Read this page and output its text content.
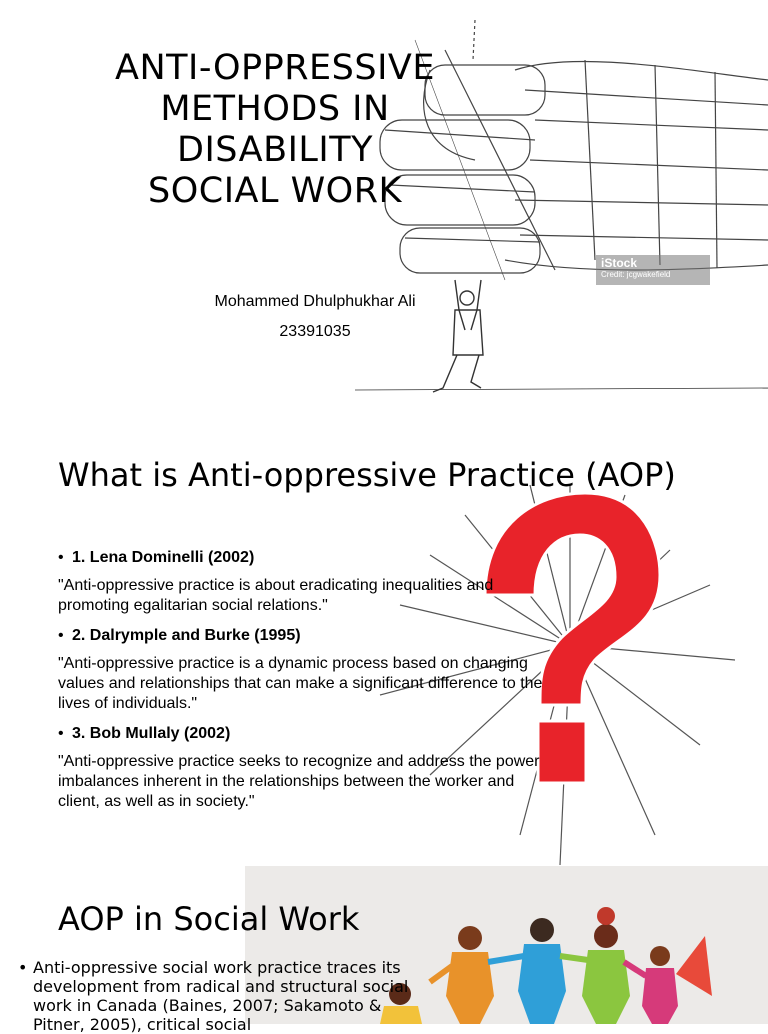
ANTI-OPPRESSIVE
METHODS IN
DISABILITY
SOCIAL WORK
iStock
Credit: jcgwakefield
Mohammed Dhulphukhar Ali
23391035
What is Anti-oppressive Practice (AOP)
• 1. Lena Dominelli (2002)
"Anti-oppressive practice is about eradicating inequalities and promoting egalitarian social relations."
• 2. Dalrymple and Burke (1995)
"Anti-oppressive practice is a dynamic process based on changing values and relationships that can make a significant difference to the lives of individuals."
• 3. Bob Mullaly (2002)
"Anti-oppressive practice seeks to recognize and address the power imbalances inherent in the relationships between the worker and client, as well as in society."
AOP in Social Work
• Anti-oppressive social work practice traces its development from radical and structural social work in Canada (Baines, 2007; Sakamoto & Pitner, 2005), critical social
